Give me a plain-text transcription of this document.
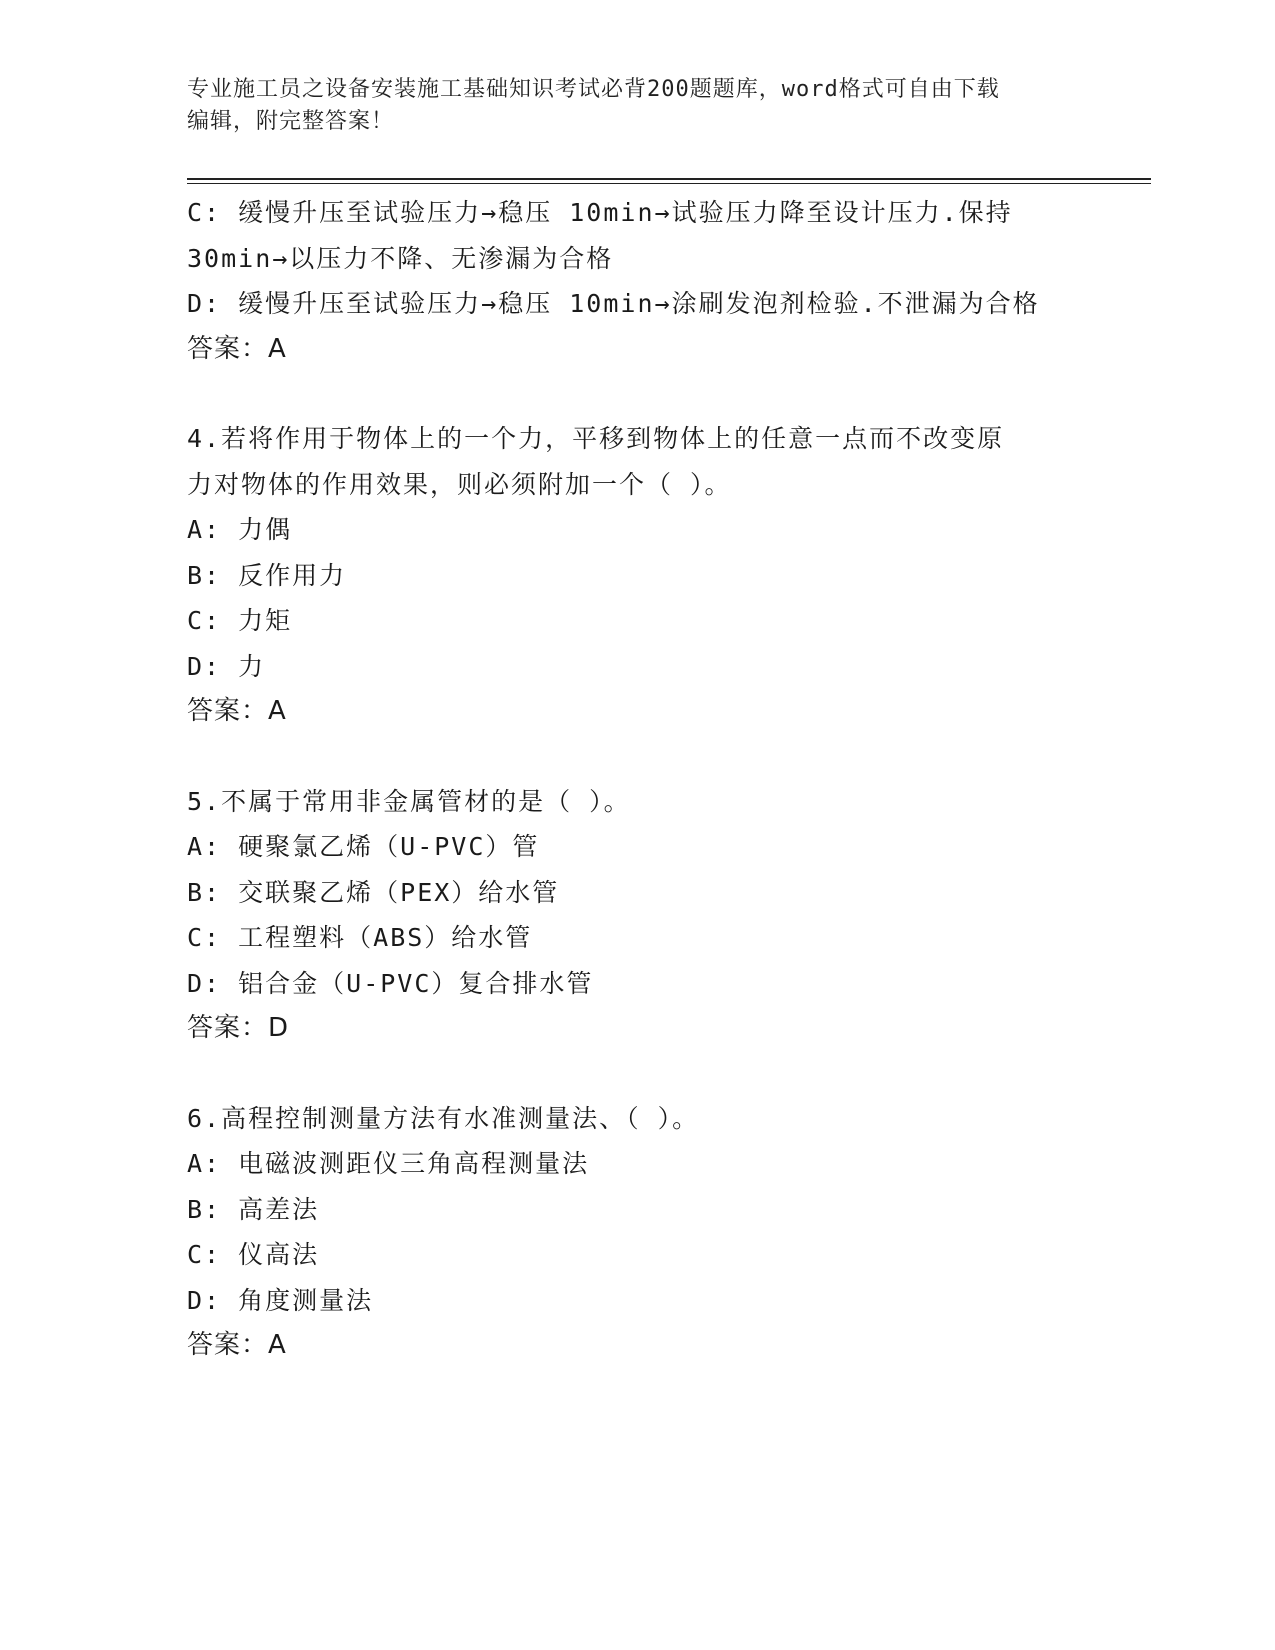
专业施工员之设备安装施工基础知识考试必背200题题库，word格式可自由下载
编辑，附完整答案！
C: 缓慢升压至试验压力→稳压 10min→试验压力降至设计压力.保持
30min→以压力不降、无渗漏为合格
D: 缓慢升压至试验压力→稳压 10min→涂刷发泡剂检验.不泄漏为合格
答案：A
4.若将作用于物体上的一个力，平移到物体上的任意一点而不改变原
力对物体的作用效果，则必须附加一个（ ）。
A: 力偶
B: 反作用力
C: 力矩
D: 力
答案：A
5.不属于常用非金属管材的是（ ）。
A: 硬聚氯乙烯（U-PVC）管
B: 交联聚乙烯（PEX）给水管
C: 工程塑料（ABS）给水管
D: 铝合金（U-PVC）复合排水管
答案：D
6.高程控制测量方法有水准测量法、（ ）。
A: 电磁波测距仪三角高程测量法
B: 高差法
C: 仪高法
D: 角度测量法
答案：A
